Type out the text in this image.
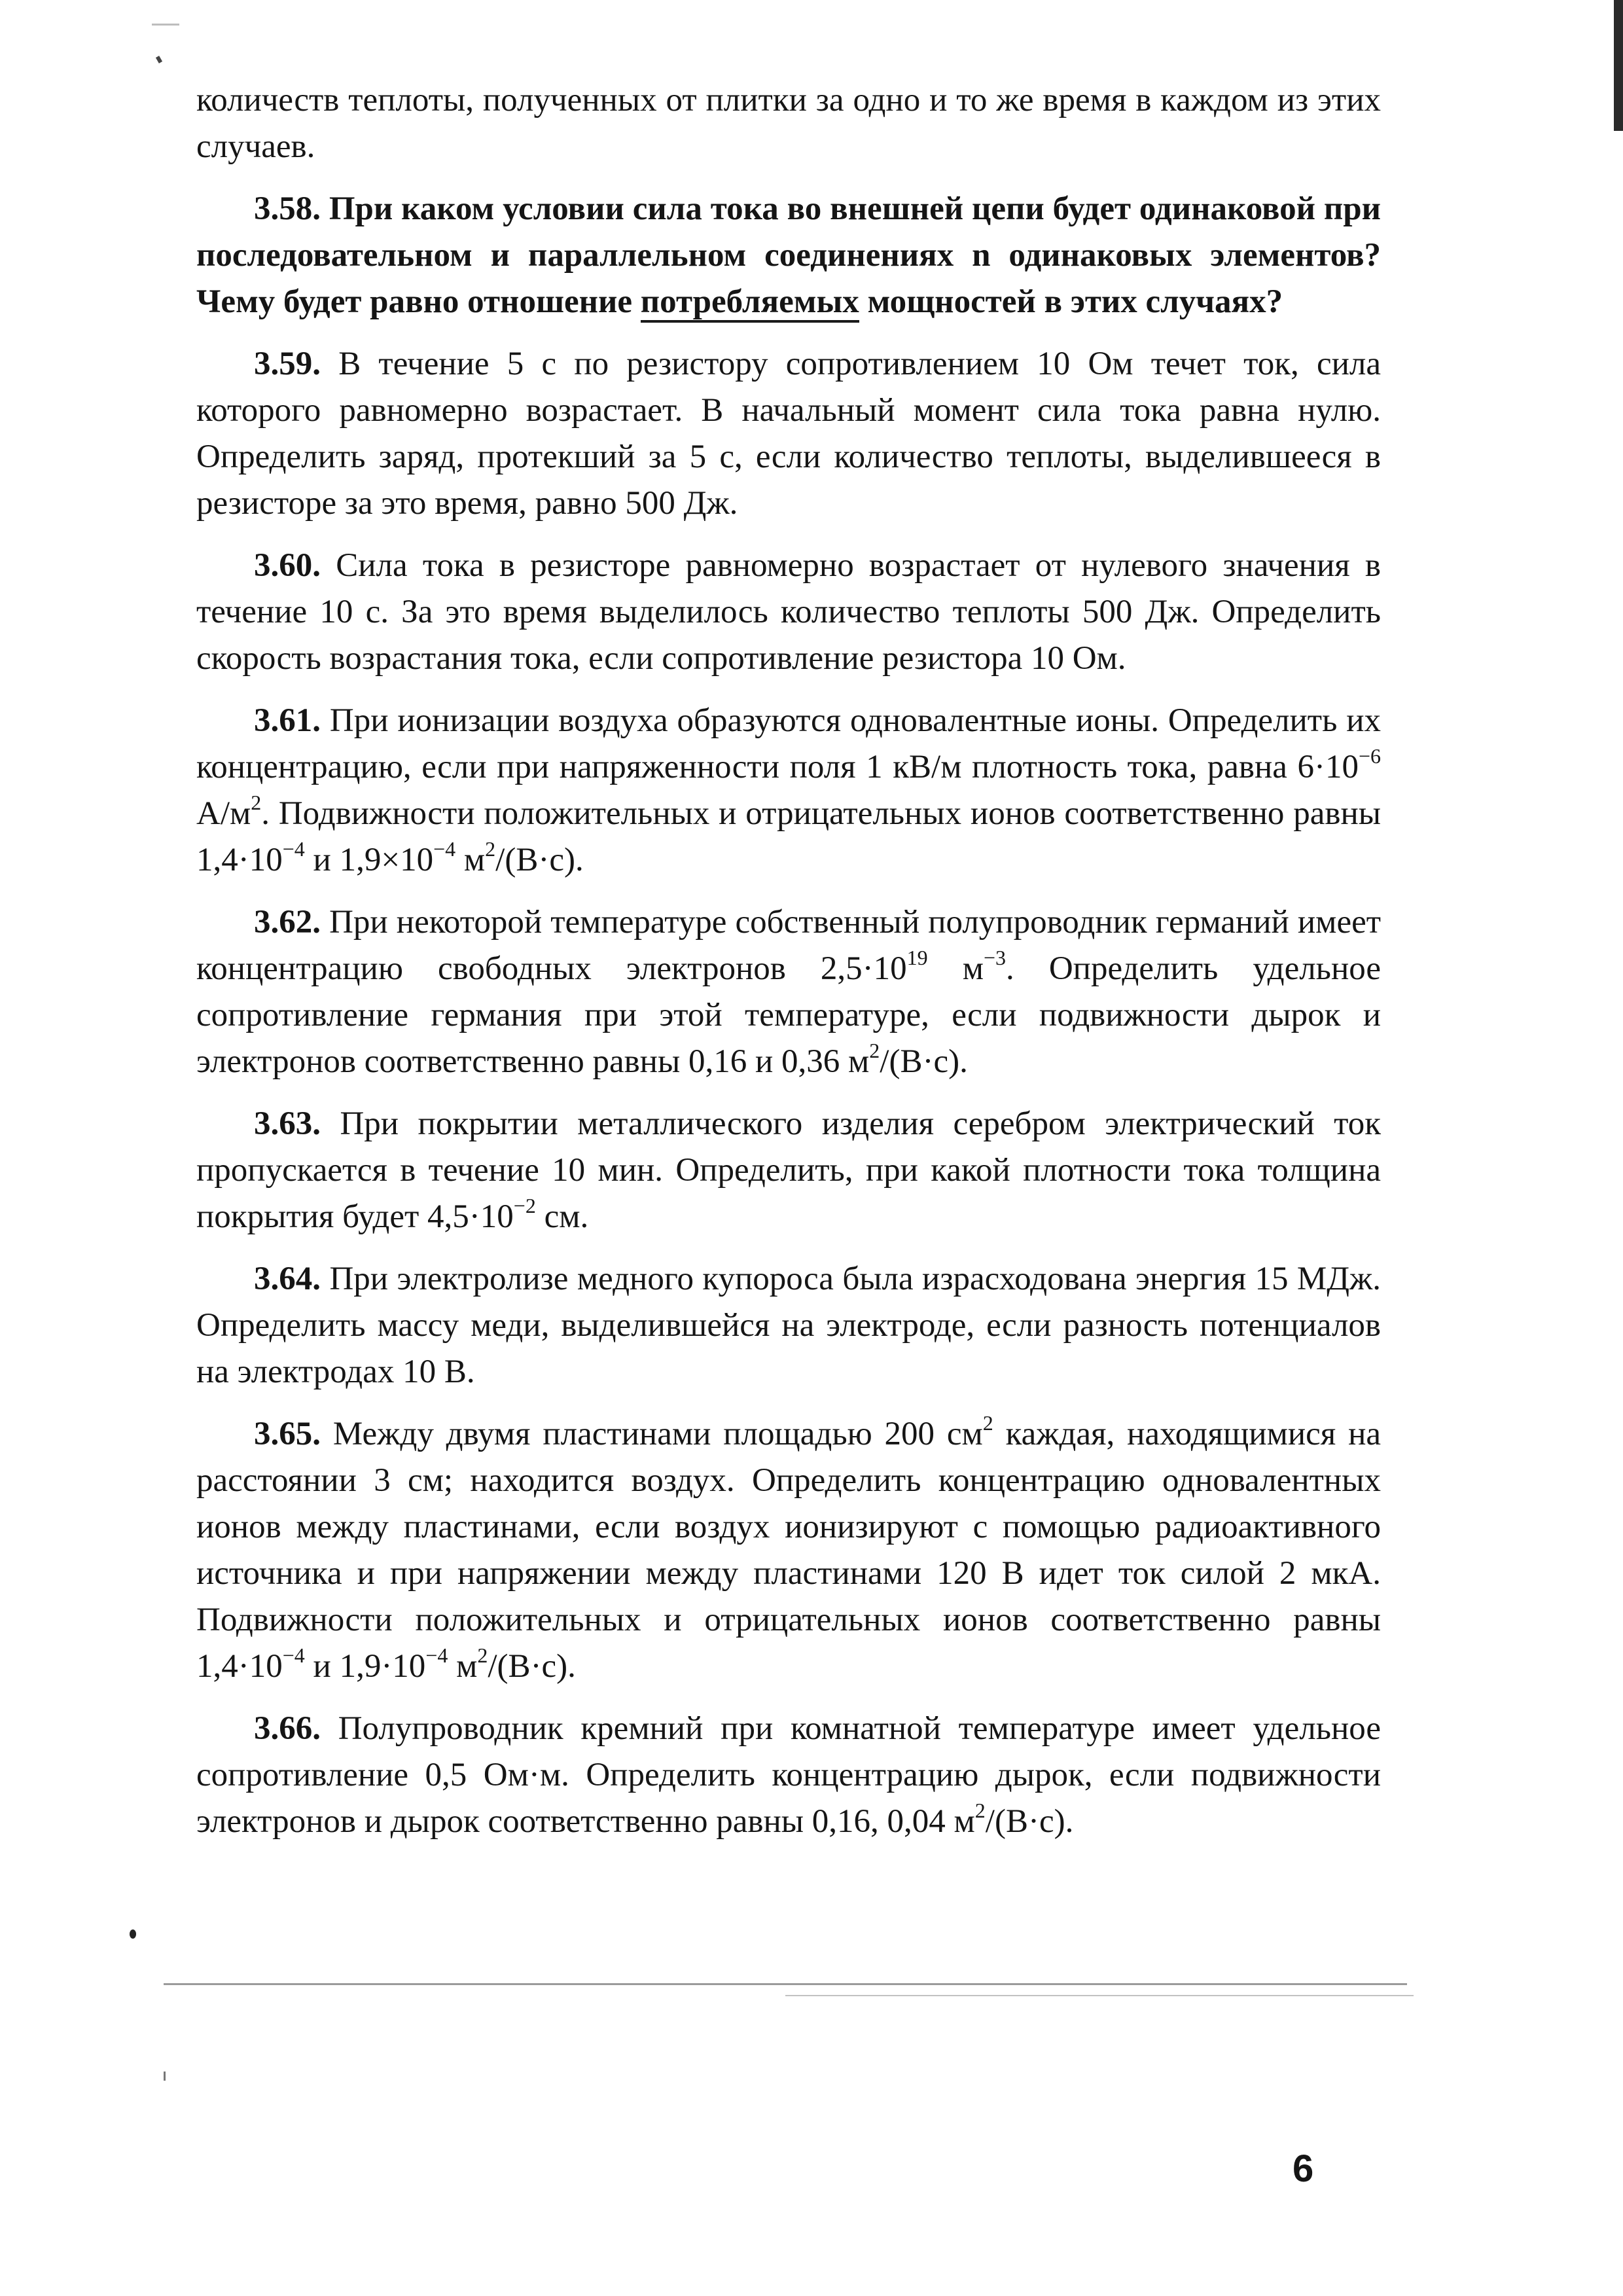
количеств теплоты, полученных от плитки за одно и то же время в каждом из этих случаев.

3.58. При каком условии сила тока во внешней цепи будет одинаковой при последовательном и параллельном соединениях n одинаковых элементов? Чему будет равно отношение потребляемых мощностей в этих случаях?

3.59. В течение 5 с по резистору сопротивлением 10 Ом течет ток, сила которого равномерно возрастает. В начальный момент сила тока равна нулю. Определить заряд, протекший за 5 с, если количество теплоты, выделившееся в резисторе за это время, равно 500 Дж.

3.60. Сила тока в резисторе равномерно возрастает от нулевого значения в течение 10 с. За это время выделилось количество теплоты 500 Дж. Определить скорость возрастания тока, если сопротивление резистора 10 Ом.

3.61. При ионизации воздуха образуются одновалентные ионы. Определить их концентрацию, если при напряженности поля 1 кВ/м плотность тока, равна $6\cdot 10^{-6}$ $А/м^2$. Подвижности положительных и отрицательных ионов соответственно равны $1,4\cdot 10^{-4}$ и $1,9\times 10^{-4}$ $м^2/(В\cdot с)$.

3.62. При некоторой температуре собственный полупроводник германий имеет концентрацию свободных электронов $2,5\cdot 10^{19}$ $м^{-3}$. Определить удельное сопротивление германия при этой температуре, если подвижности дырок и электронов соответственно равны 0,16 и 0,36 $м^2/(В\cdot с)$.

3.63. При покрытии металлического изделия серебром электрический ток пропускается в течение 10 мин. Определить, при какой плотности тока толщина покрытия будет $4,5\cdot 10^{-2}$ см.

3.64. При электролизе медного купороса была израсходована энергия 15 МДж. Определить массу меди, выделившейся на электроде, если разность потенциалов на электродах 10 В.

3.65. Между двумя пластинами площадью 200 $см^2$ каждая, находящимися на расстоянии 3 см; находится воздух. Определить концентрацию одновалентных ионов между пластинами, если воздух ионизируют с помощью радиоактивного источника и при напряжении между пластинами 120 В идет ток силой 2 мкА. Подвижности положительных и отрицательных ионов соответственно равны $1,4\cdot 10^{-4}$ и $1,9\cdot 10^{-4}$ $м^2/(В\cdot с)$.

3.66. Полупроводник кремний при комнатной температуре имеет удельное сопротивление 0,5 Ом·м. Определить концентрацию дырок, если подвижности электронов и дырок соответственно равны 0,16, 0,04 $м^2/(В\cdot с)$.

6
